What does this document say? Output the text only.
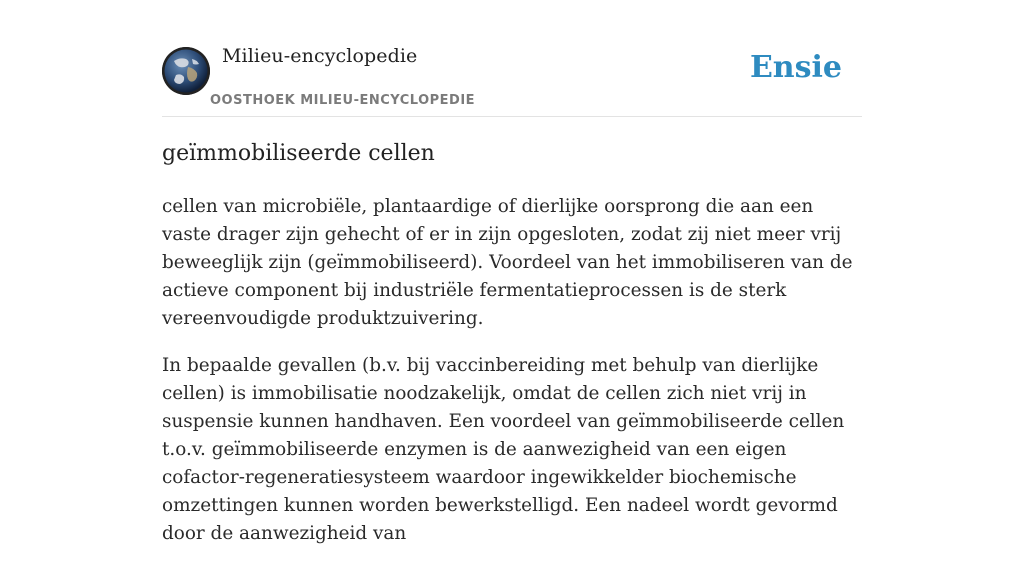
Milieu-encyclopedie
OOSTHOEK MILIEU-ENCYCLOPEDIE
Ensie
geïmmobiliseerde cellen

cellen van microbiële, plantaardige of dierlijke oorsprong die aan een vaste drager zijn gehecht of er in zijn opgesloten, zodat zij niet meer vrij beweeglijk zijn (geïmmobiliseerd). Voordeel van het immobiliseren van de actieve component bij industriële fermentatieprocessen is de sterk vereenvoudigde produktzuivering.

In bepaalde gevallen (b.v. bij vaccinbereiding met behulp van dierlijke cellen) is immobilisatie noodzakelijk, omdat de cellen zich niet vrij in suspensie kunnen handhaven. Een voordeel van geïmmobiliseerde cellen t.o.v. geïmmobiliseerde enzymen is de aanwezigheid van een eigen cofactor-regeneratiesysteem waardoor ingewikkelder biochemische omzettingen kunnen worden bewerkstelligd. Een nadeel wordt gevormd door de aanwezigheid van
